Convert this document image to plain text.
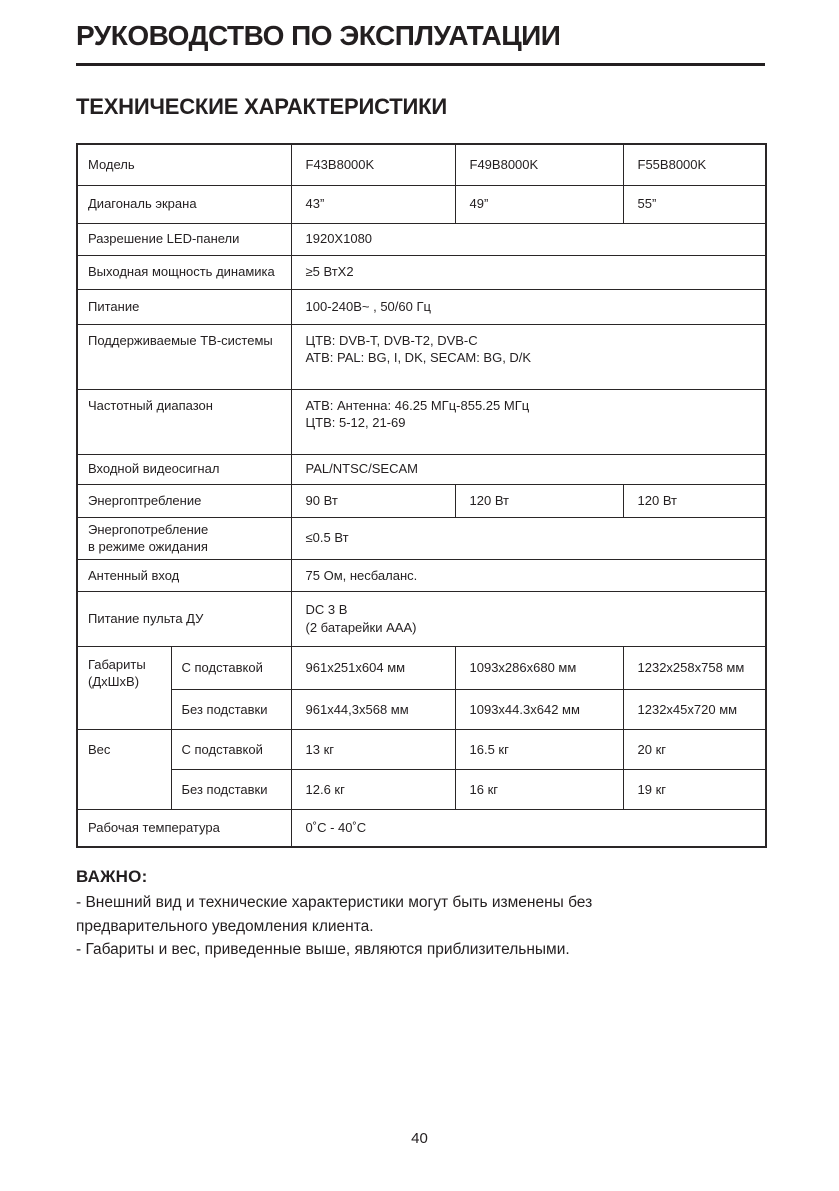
РУКОВОДСТВО ПО ЭКСПЛУАТАЦИИ
ТЕХНИЧЕСКИЕ ХАРАКТЕРИСТИКИ
Модель		F43B8000K	F49B8000K	F55B8000K
Диагональ экрана		43”	49”	55”
Разрешение LED-панели		1920X1080		
Выходная мощность динамика		≥5 ВтX2		
Питание		100-240В~ , 50/60 Гц		
Поддерживаемые ТВ-системы		ЦТВ: DVB-T, DVB-T2, DVB-C
АТВ: PAL: BG, I, DK, SECAM: BG, D/K		

Частотный диапазон		АТВ: Антенна: 46.25 МГц-855.25 МГц
ЦТВ: 5-12, 21-69		

Входной видеосигнал		PAL/NTSC/SECAM		
Энергоптребление		90 Вт	120 Вт	120 Вт

Энергопотребление
в режиме ожидания		≤0.5 Вт		
Антенный вход		75 Ом, несбаланс.		
Питание пульта ДУ		DC 3 В
(2 батарейки ААА)		

Габариты
(ДхШхВ)	С подставкой	961х251х604 мм	1093х286х680 мм	1232х258х758 мм
	Без подставки	961х44,3х568 мм	1093х44.3х642 мм	1232х45х720 мм
Вес	С подставкой	13 кг	16.5 кг	20 кг
	Без подставки	12.6 кг	16 кг	19 кг
Рабочая температура		0˚C - 40˚C		
ВАЖНО:

- Внешний вид и технические характеристики могут быть изменены без предварительного уведомления клиента.

- Габариты и вес, приведенные выше, являются приблизительными.

40
